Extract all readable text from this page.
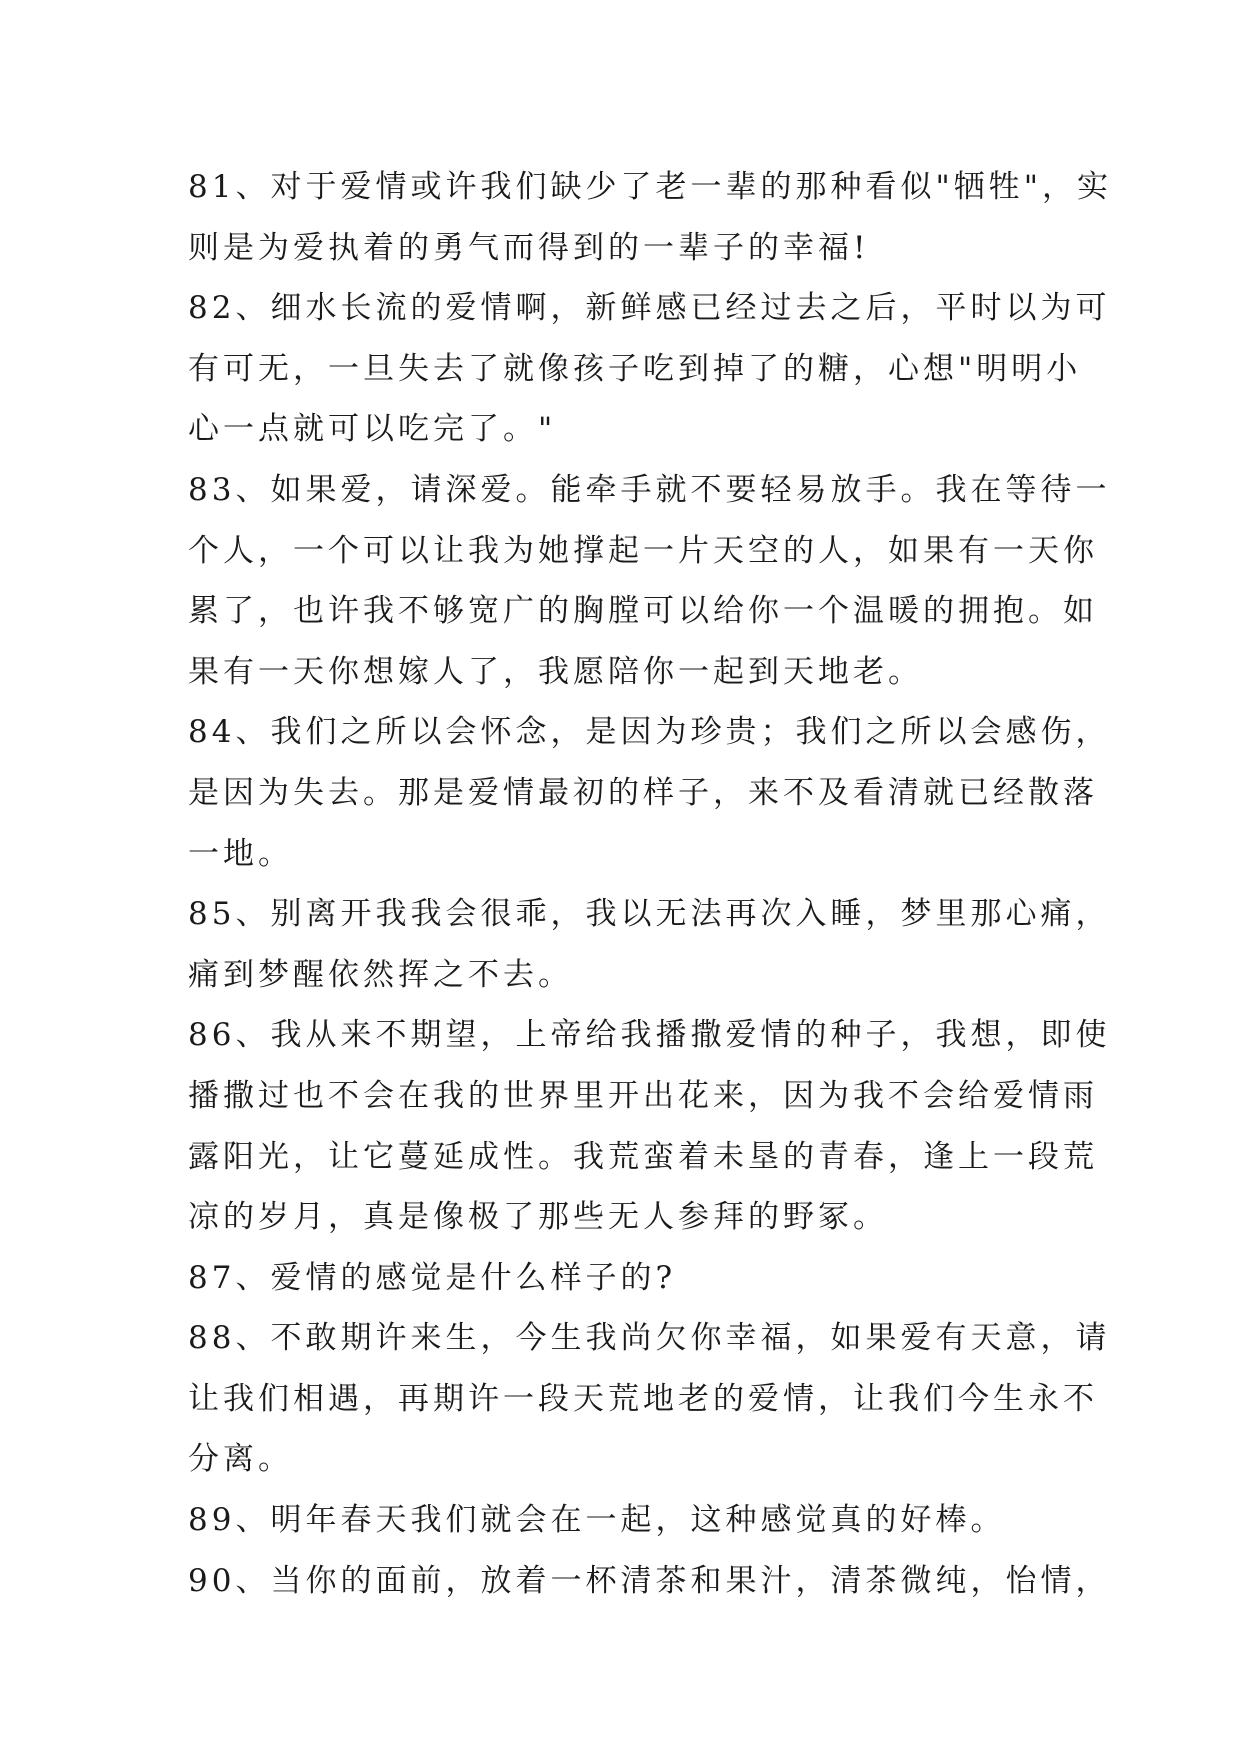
81、对于爱情或许我们缺少了老一辈的那种看似"牺牲"，实
则是为爱执着的勇气而得到的一辈子的幸福!
82、细水长流的爱情啊，新鲜感已经过去之后，平时以为可
有可无，一旦失去了就像孩子吃到掉了的糖，心想"明明小
心一点就可以吃完了。"
83、如果爱，请深爱。能牵手就不要轻易放手。我在等待一
个人，一个可以让我为她撑起一片天空的人，如果有一天你
累了，也许我不够宽广的胸膛可以给你一个温暖的拥抱。如
果有一天你想嫁人了，我愿陪你一起到天地老。
84、我们之所以会怀念，是因为珍贵；我们之所以会感伤，
是因为失去。那是爱情最初的样子，来不及看清就已经散落
一地。
85、别离开我我会很乖，我以无法再次入睡，梦里那心痛，
痛到梦醒依然挥之不去。
86、我从来不期望，上帝给我播撒爱情的种子，我想，即使
播撒过也不会在我的世界里开出花来，因为我不会给爱情雨
露阳光，让它蔓延成性。我荒蛮着未垦的青春，逢上一段荒
凉的岁月，真是像极了那些无人参拜的野冢。
87、爱情的感觉是什么样子的?
88、不敢期许来生，今生我尚欠你幸福，如果爱有天意，请
让我们相遇，再期许一段天荒地老的爱情，让我们今生永不
分离。
89、明年春天我们就会在一起，这种感觉真的好棒。
90、当你的面前，放着一杯清茶和果汁，清茶微纯，怡情，
